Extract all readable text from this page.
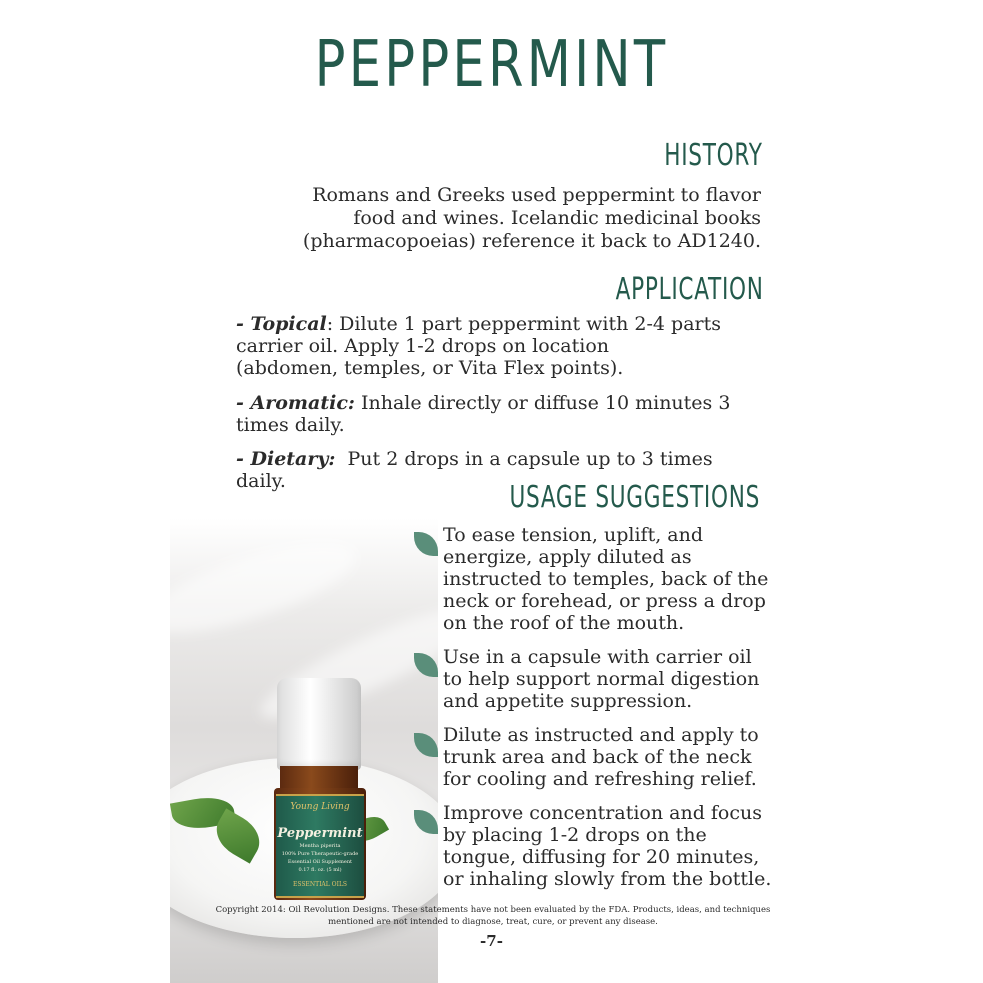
PEPPERMINT
HISTORY
Romans and Greeks used peppermint to flavor
food and wines. Icelandic medicinal books
(pharmacopoeias) reference it back to AD1240.
APPLICATION
- Topical: Dilute 1 part peppermint with 2-4 parts
carrier oil. Apply 1-2 drops on location
(abdomen, temples, or Vita Flex points).
- Aromatic: Inhale directly or diffuse 10 minutes 3
times daily.
- Dietary:  Put 2 drops in a capsule up to 3 times
daily.	USAGE SUGGESTIONS
Young Living
Peppermint
Mentha piperita
100% Pure Therapeutic-grade
Essential Oil Supplement
0.17 fl. oz. (5 ml)
ESSENTIAL OILS
To ease tension, uplift, and
energize, apply diluted as
instructed to temples, back of the
neck or forehead, or press a drop
on the roof of the mouth.
Use in a capsule with carrier oil
to help support normal digestion
and appetite suppression.
Dilute as instructed and apply to
trunk area and back of the neck
for cooling and refreshing relief.
Improve concentration and focus
by placing 1-2 drops on the
tongue, diffusing for 20 minutes,
or inhaling slowly from the bottle.
Copyright 2014: Oil Revolution Designs. These statements have not been evaluated by the FDA. Products, ideas, and techniques
mentioned are not intended to diagnose, treat, cure, or prevent any disease.
-7-
